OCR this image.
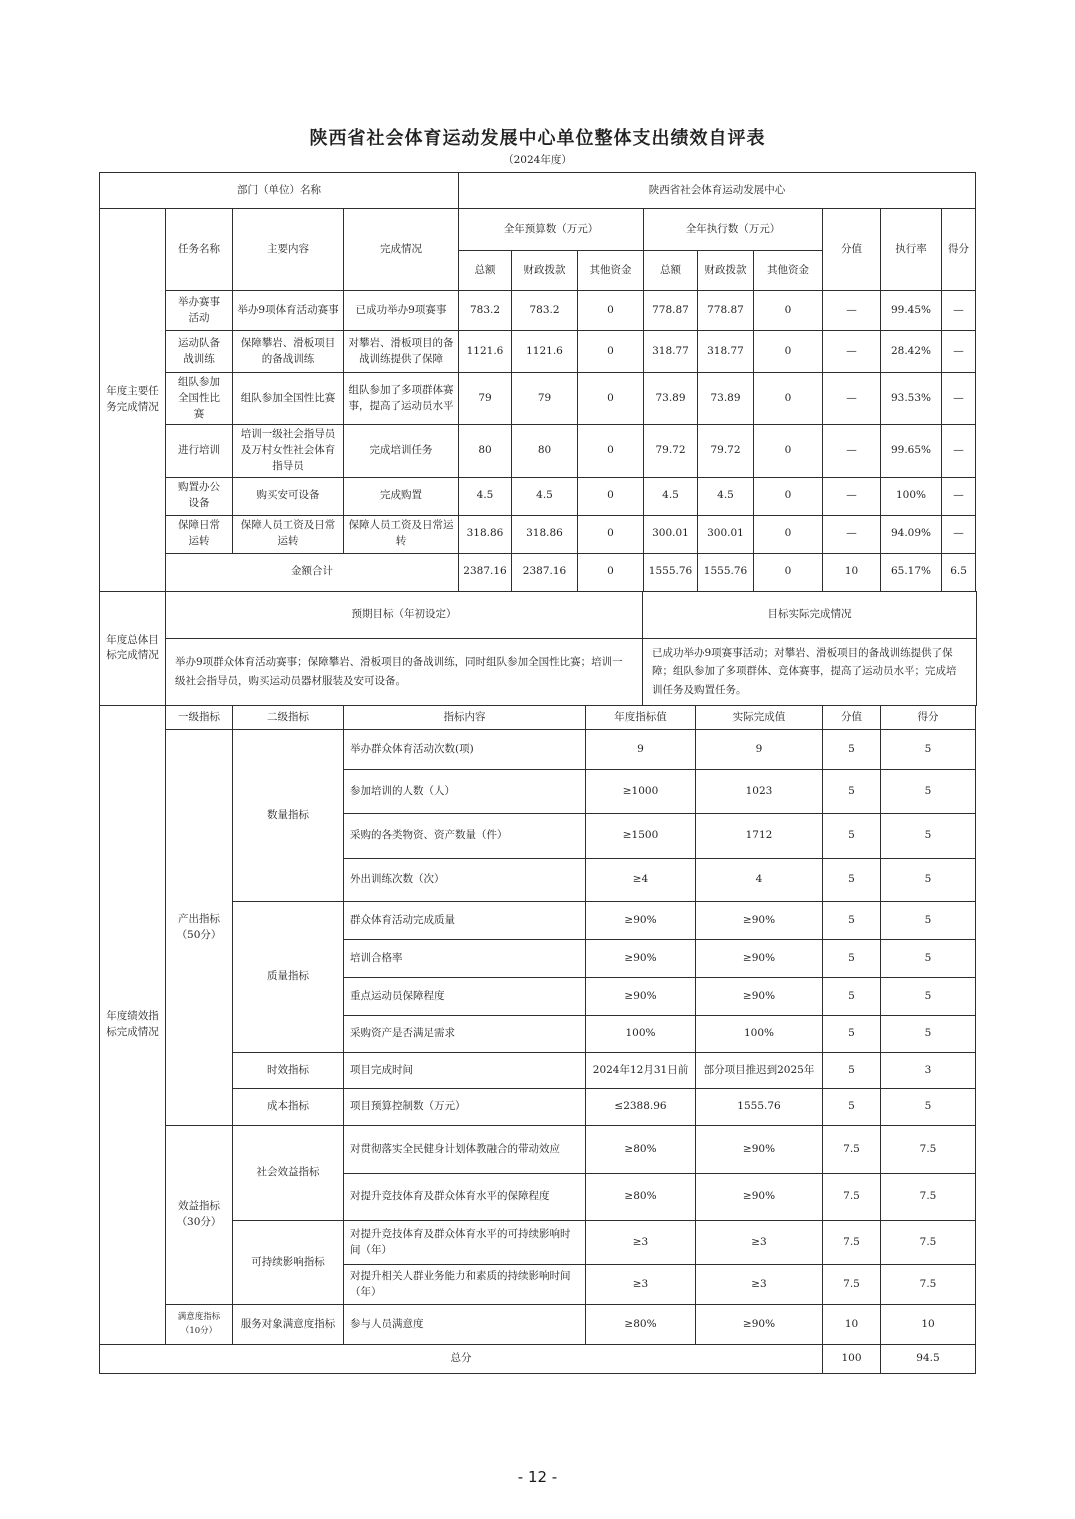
陕西省社会体育运动发展中心单位整体支出绩效自评表
（2024年度）
部门（单位）名称				陕西省社会体育运动发展中心								
年度主要任务完成情况	任务名称	主要内容	完成情况	全年预算数（万元）			全年执行数（万元）			分值	执行率	得分
				总额	财政拨款	其他资金	总额	财政拨款	其他资金			
	举办赛事活动	举办9项体育活动赛事	已成功举办9项赛事	783.2	783.2	0	778.87	778.87	0	—	99.45%	—
	运动队备战训练	保障攀岩、滑板项目的备战训练	对攀岩、滑板项目的备战训练提供了保障	1121.6	1121.6	0	318.77	318.77	0	—	28.42%	—
	组队参加全国性比赛	组队参加全国性比赛	组队参加了多项群体赛事，提高了运动员水平	79	79	0	73.89	73.89	0	—	93.53%	—
	进行培训	培训一级社会指导员及万村女性社会体育指导员	完成培训任务	80	80	0	79.72	79.72	0	—	99.65%	—
	购置办公设备	购买安可设备	完成购置	4.5	4.5	0	4.5	4.5	0	—	100%	—
	保障日常运转	保障人员工资及日常运转	保障人员工资及日常运转	318.86	318.86	0	300.01	300.01	0	—	94.09%	—
	金额合计			2387.16	2387.16	0	1555.76	1555.76	0	10	65.17%	6.5
年度总体目标完成情况	预期目标（年初设定）	目标实际完成情况
	举办9项群众体育活动赛事；保障攀岩、滑板项目的备战训练，同时组队参加全国性比赛；培训一级社会指导员，购买运动员器材服装及安可设备。	已成功举办9项赛事活动；对攀岩、滑板项目的备战训练提供了保障；组队参加了多项群体、竞体赛事，提高了运动员水平；完成培训任务及购置任务。
年度绩效指标完成情况	一级指标	二级指标	指标内容	年度指标值	实际完成值	分值	得分
	产出指标（50分）	数量指标	举办群众体育活动次数(项)	9	9	5	5
			参加培训的人数（人）	≥1000	1023	5	5
			采购的各类物资、资产数量（件）	≥1500	1712	5	5
			外出训练次数（次）	≥4	4	5	5
		质量指标	群众体育活动完成质量	≥90%	≥90%	5	5
			培训合格率	≥90%	≥90%	5	5
			重点运动员保障程度	≥90%	≥90%	5	5
			采购资产是否满足需求	100%	100%	5	5
		时效指标	项目完成时间	2024年12月31日前	部分项目推迟到2025年	5	3
		成本指标	项目预算控制数（万元）	≤2388.96	1555.76	5	5
	效益指标（30分）	社会效益指标	对贯彻落实全民健身计划体教融合的带动效应	≥80%	≥90%	7.5	7.5
			对提升竞技体育及群众体育水平的保障程度	≥80%	≥90%	7.5	7.5
		可持续影响指标	对提升竞技体育及群众体育水平的可持续影响时间（年）	≥3	≥3	7.5	7.5
			对提升相关人群业务能力和素质的持续影响时间（年）	≥3	≥3	7.5	7.5
	满意度指标（10分）	服务对象满意度指标	参与人员满意度	≥80%	≥90%	10	10
总分						100	94.5
- 12 -
